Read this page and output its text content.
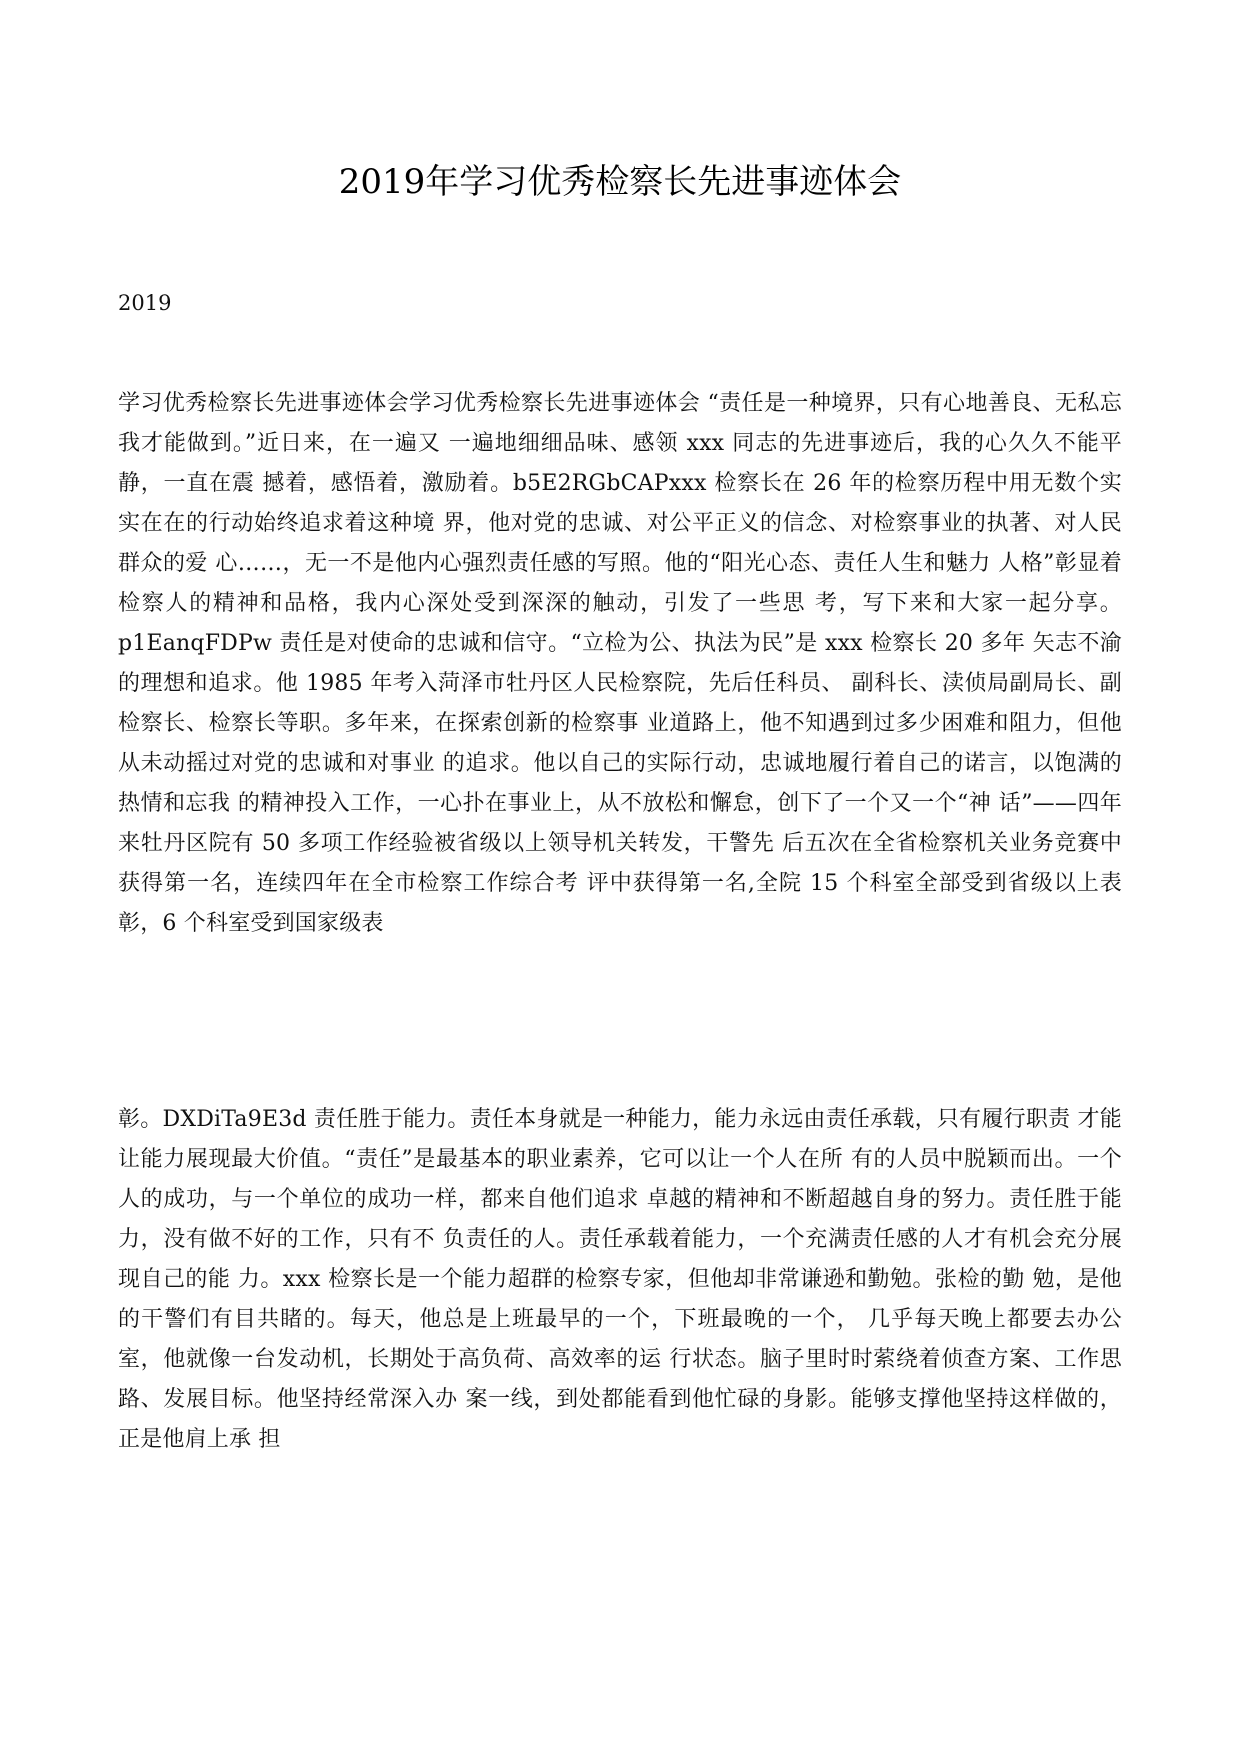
2019年学习优秀检察长先进事迹体会

2019

学习优秀检察长先进事迹体会学习优秀检察长先进事迹体会 “责任是一种境界，只有心地善良、无私忘我才能做到。”近日来，在一遍又 一遍地细细品味、感领 xxx 同志的先进事迹后，我的心久久不能平静，一直在震 撼着，感悟着，激励着。b5E2RGbCAPxxx 检察长在 26 年的检察历程中用无数个实实在在的行动始终追求着这种境 界，他对党的忠诚、对公平正义的信念、对检察事业的执著、对人民群众的爱 心……，无一不是他内心强烈责任感的写照。他的“阳光心态、责任人生和魅力 人格”彰显着检察人的精神和品格，我内心深处受到深深的触动，引发了一些思 考，写下来和大家一起分享。p1EanqFDPw 责任是对使命的忠诚和信守。“立检为公、执法为民”是 xxx 检察长 20 多年 矢志不渝的理想和追求。他 1985 年考入菏泽市牡丹区人民检察院，先后任科员、 副科长、渎侦局副局长、副检察长、检察长等职。多年来，在探索创新的检察事 业道路上，他不知遇到过多少困难和阻力，但他从未动摇过对党的忠诚和对事业 的追求。他以自己的实际行动，忠诚地履行着自己的诺言，以饱满的热情和忘我 的精神投入工作，一心扑在事业上，从不放松和懈怠，创下了一个又一个“神 话”——四年来牡丹区院有 50 多项工作经验被省级以上领导机关转发，干警先 后五次在全省检察机关业务竞赛中获得第一名，连续四年在全市检察工作综合考 评中获得第一名,全院 15 个科室全部受到省级以上表彰，6 个科室受到国家级表

彰。DXDiTa9E3d 责任胜于能力。责任本身就是一种能力，能力永远由责任承载，只有履行职责 才能让能力展现最大价值。“责任”是最基本的职业素养，它可以让一个人在所 有的人员中脱颖而出。一个人的成功，与一个单位的成功一样，都来自他们追求 卓越的精神和不断超越自身的努力。责任胜于能力，没有做不好的工作，只有不 负责任的人。责任承载着能力，一个充满责任感的人才有机会充分展现自己的能 力。xxx 检察长是一个能力超群的检察专家，但他却非常谦逊和勤勉。张检的勤 勉，是他的干警们有目共睹的。每天，他总是上班最早的一个，下班最晚的一个， 几乎每天晚上都要去办公室，他就像一台发动机，长期处于高负荷、高效率的运 行状态。脑子里时时萦绕着侦查方案、工作思路、发展目标。他坚持经常深入办 案一线，到处都能看到他忙碌的身影。能够支撑他坚持这样做的，正是他肩上承 担
